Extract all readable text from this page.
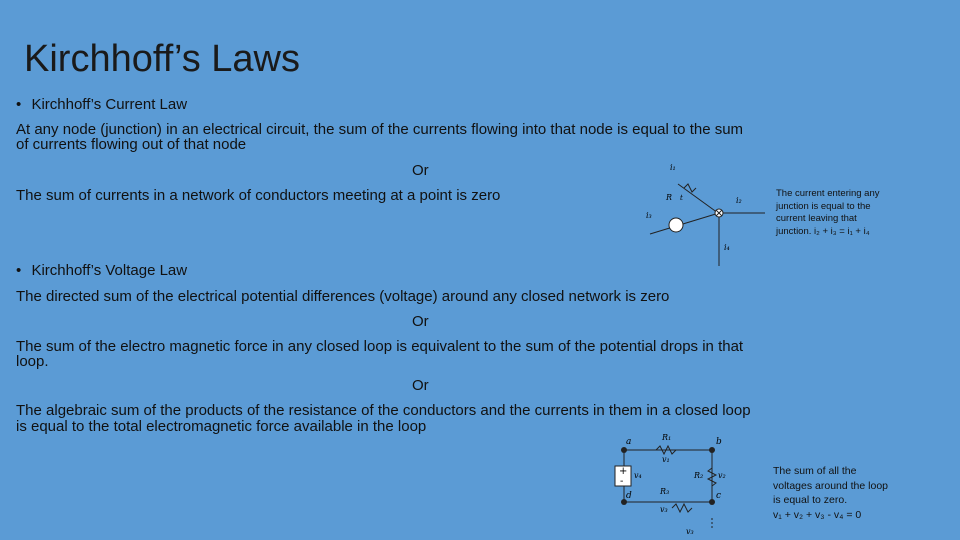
Kirchhoff’s Laws
• Kirchhoff’s Current Law
At any node (junction) in an electrical circuit, the sum of the currents flowing into that node is equal to the sum
of currents flowing out of that node
Or
The sum of currents in a network of conductors meeting at a point is zero
i₁
R t	i₂
i₃
i₄
The current entering any
junction is equal to the
current leaving that
junction. i₂ + i₃ = i₁ + i₄
• Kirchhoff’s Voltage Law
The directed sum of the electrical potential differences (voltage) around any closed network is zero
Or
The sum of the electro magnetic force in any closed loop is equivalent to the sum of the potential drops in that
loop.
Or
The algebraic sum of the products of the resistance of the conductors and the currents in them in a closed loop
is equal to the total electromagnetic force available in the loop
a	b
c
d
R₁
v₁
R₂ v₂
R₃
v₃
v₃
v₄
+
-
The sum of all the
voltages around the loop
is equal to zero.
v₁ + v₂ + v₃ - v₄ = 0
